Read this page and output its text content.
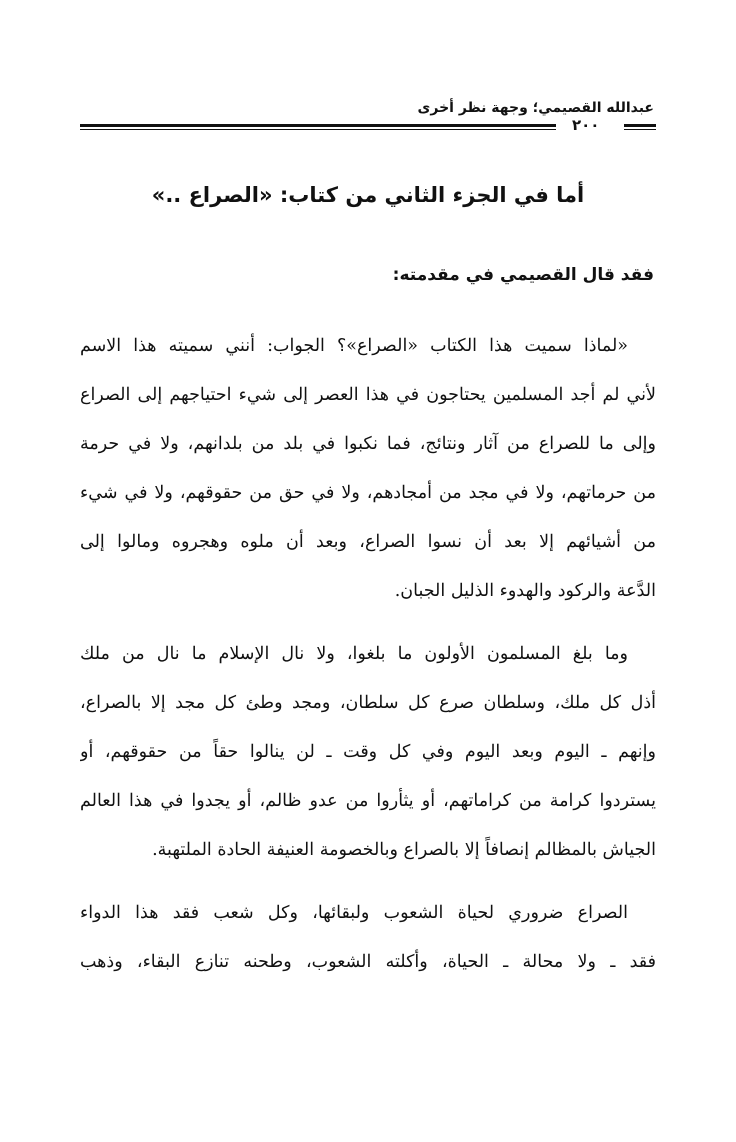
عبدالله القصيمي؛ وجهة نظر أخرى
٢٠٠
أما في الجزء الثاني من كتاب: «الصراع ..»
فقد قال القصيمي في مقدمته:
«لماذا سميت هذا الكتاب «الصراع»؟ الجواب: أنني سميته هذا الاسم
لأني لم أجد المسلمين يحتاجون في هذا العصر إلى شيء احتياجهم إلى الصراع
وإلى ما للصراع من آثار ونتائج، فما نكبوا في بلد من بلدانهم، ولا في حرمة
من حرماتهم، ولا في مجد من أمجادهم، ولا في حق من حقوقهم، ولا في شيء
من أشيائهم إلا بعد أن نسوا الصراع، وبعد أن ملوه وهجروه ومالوا إلى
الدَّعة والركود والهدوء الذليل الجبان.
وما بلغ المسلمون الأولون ما بلغوا، ولا نال الإسلام ما نال من ملك
أذل كل ملك، وسلطان صرع كل سلطان، ومجد وطئ كل مجد إلا بالصراع،
وإنهم ـ اليوم وبعد اليوم وفي كل وقت ـ لن ينالوا حقاً من حقوقهم، أو
يستردوا كرامة من كراماتهم، أو يثأروا من عدو ظالم، أو يجدوا في هذا العالم
الجياش بالمظالم إنصافاً إلا بالصراع وبالخصومة العنيفة الحادة الملتهبة.
الصراع ضروري لحياة الشعوب ولبقائها، وكل شعب فقد هذا الدواء
فقد ـ ولا محالة ـ الحياة، وأكلته الشعوب، وطحنه تنازع البقاء، وذهب
